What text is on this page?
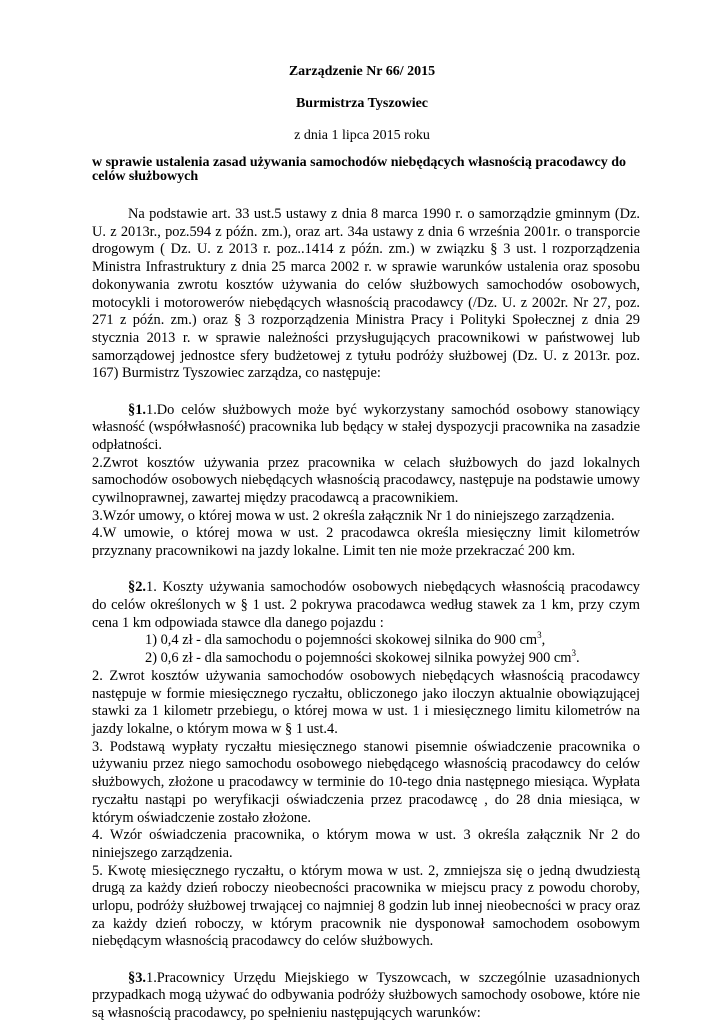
Zarządzenie Nr 66/ 2015
Burmistrza Tyszowiec
z dnia 1 lipca 2015 roku
w sprawie ustalenia zasad używania samochodów niebędących własnością pracodawcy do celów służbowych

Na podstawie art. 33 ust.5 ustawy z dnia 8 marca 1990 r. o samorządzie gminnym (Dz. U. z 2013r., poz.594 z późn. zm.), oraz art. 34a ustawy z dnia 6 września 2001r. o transporcie drogowym ( Dz. U. z 2013 r. poz..1414 z późn. zm.) w związku § 3 ust. l rozporządzenia Ministra Infrastruktury z dnia 25 marca 2002 r. w sprawie warunków ustalenia oraz sposobu dokonywania zwrotu kosztów używania do celów służbowych samochodów osobowych, motocykli i motorowerów niebędących własnością pracodawcy (/Dz. U. z 2002r. Nr 27, poz. 271 z późn. zm.) oraz § 3 rozporządzenia Ministra Pracy i Polityki Społecznej z dnia 29 stycznia 2013 r. w sprawie należności przysługujących pracownikowi w państwowej lub samorządowej jednostce sfery budżetowej z tytułu podróży służbowej (Dz. U. z 2013r. poz. 167) Burmistrz Tyszowiec zarządza, co następuje:

§1.1.Do celów służbowych może być wykorzystany samochód osobowy stanowiący własność (współwłasność) pracownika lub będący w stałej dyspozycji pracownika na zasadzie odpłatności.

2.Zwrot kosztów używania przez pracownika w celach służbowych do jazd lokalnych samochodów osobowych niebędących własnością pracodawcy, następuje na podstawie umowy cywilnoprawnej, zawartej między pracodawcą a pracownikiem.

3.Wzór umowy, o której mowa w ust. 2 określa załącznik Nr 1 do niniejszego zarządzenia.

4.W umowie, o której mowa w ust. 2 pracodawca określa miesięczny limit kilometrów przyznany pracownikowi na jazdy lokalne. Limit ten nie może przekraczać 200 km.

§2.1. Koszty używania samochodów osobowych niebędących własnością pracodawcy do celów określonych w § 1 ust. 2 pokrywa pracodawca według stawek za 1 km, przy czym cena 1 km odpowiada stawce dla danego pojazdu :

1) 0,4 zł - dla samochodu o pojemności skokowej silnika do 900 $cm^3$,

2) 0,6 zł - dla samochodu o pojemności skokowej silnika powyżej 900 $cm^3$.

2. Zwrot kosztów używania samochodów osobowych niebędących własnością pracodawcy następuje w formie miesięcznego ryczałtu, obliczonego jako iloczyn aktualnie obowiązującej stawki za 1 kilometr przebiegu, o której mowa w ust. 1 i miesięcznego limitu kilometrów na jazdy lokalne, o którym mowa w § 1 ust.4.

3. Podstawą wypłaty ryczałtu miesięcznego stanowi pisemnie oświadczenie pracownika o używaniu przez niego samochodu osobowego niebędącego własnością pracodawcy do celów służbowych, złożone u pracodawcy w terminie do 10-tego dnia następnego miesiąca. Wypłata ryczałtu nastąpi po weryfikacji oświadczenia przez pracodawcę , do 28 dnia miesiąca, w którym oświadczenie zostało złożone.

4. Wzór oświadczenia pracownika, o którym mowa w ust. 3 określa załącznik Nr 2 do niniejszego zarządzenia.

5. Kwotę miesięcznego ryczałtu, o którym mowa w ust. 2, zmniejsza się o jedną dwudziestą drugą za każdy dzień roboczy nieobecności pracownika w miejscu pracy z powodu choroby, urlopu, podróży służbowej trwającej co najmniej 8 godzin lub innej nieobecności w pracy oraz za każdy dzień roboczy, w którym pracownik nie dysponował samochodem osobowym niebędącym własnością pracodawcy do celów służbowych.

§3.1.Pracownicy Urzędu Miejskiego w Tyszowcach, w szczególnie uzasadnionych przypadkach mogą używać do odbywania podróży służbowych samochody osobowe, które nie są własnością pracodawcy, po spełnieniu następujących warunków:
